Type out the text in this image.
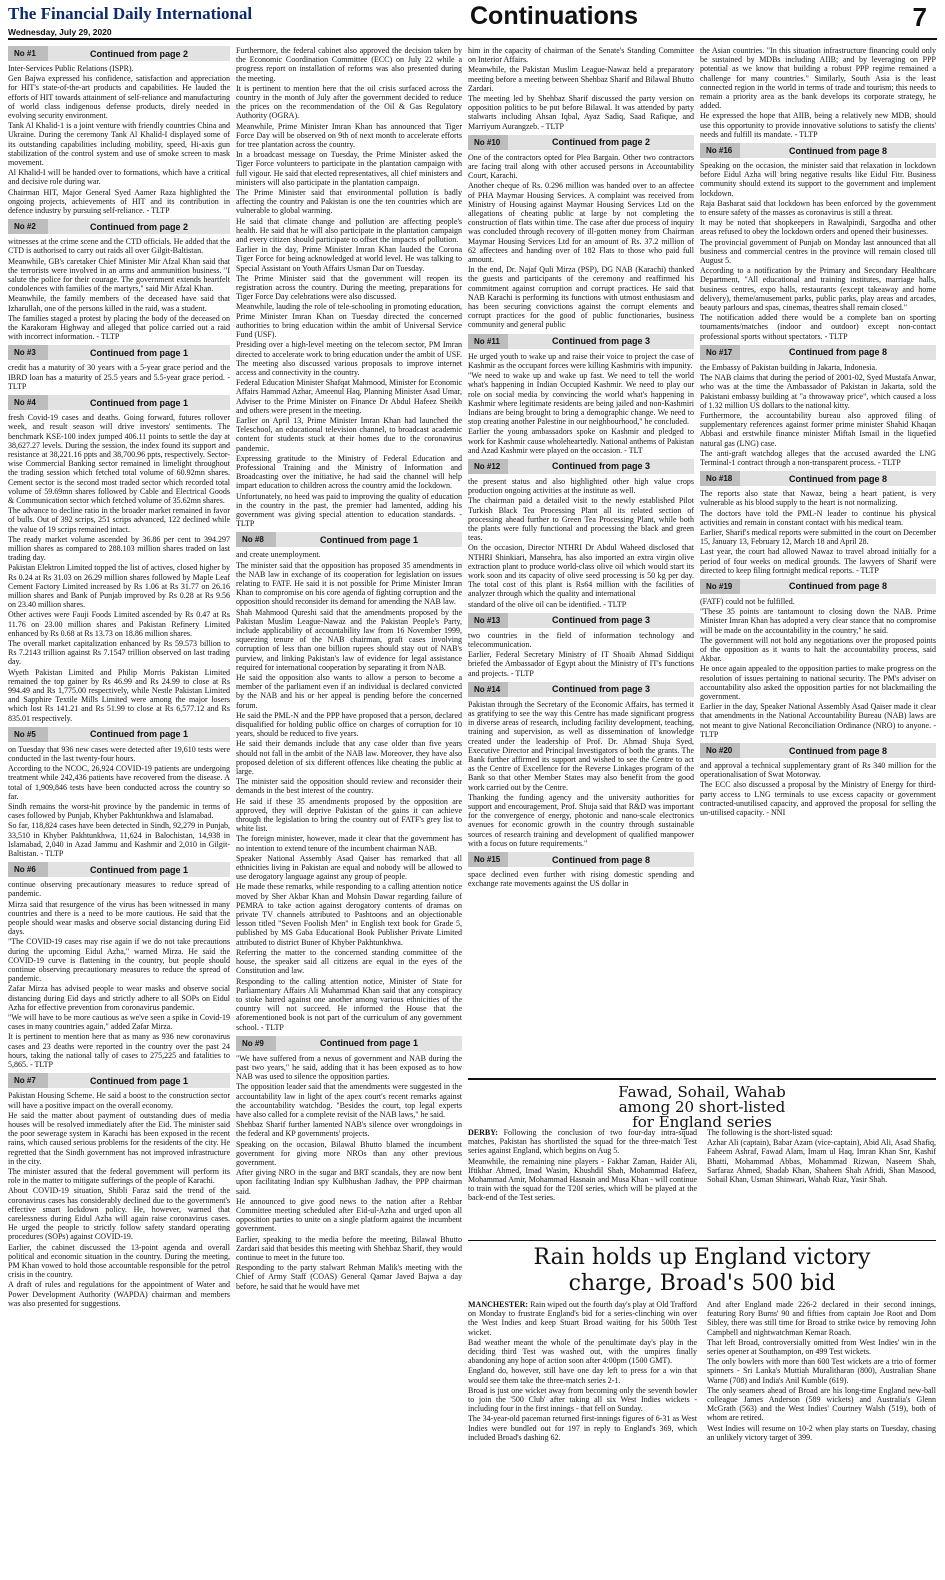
The Financial Daily International
Wednesday, July 29, 2020
Continuations	7
No #1	Continued from page 2

Inter-Services Public Relations (ISPR).

Gen Bajwa expressed his confidence, satisfaction and appreciation for HIT's state-of-the-art products and capabilities. He lauded the efforts of HIT towards attainment of self-reliance and manufacturing of world class indigenous defense products, direly needed in evolving security environment.

Tank Al Khalid-1 is a joint venture with friendly countries China and Ukraine. During the ceremony Tank Al Khalid-I displayed some of its outstanding capabilities including mobility, speed, Hi-axis gun stabilization of the control system and use of smoke screen to mask movement.

Al Khalid-I will be handed over to formations, which have a critical and decisive role during war.

Chairman HIT, Major General Syed Aamer Raza highlighted the ongoing projects, achievements of HIT and its contribution in defence industry by pursuing self-reliance. - TLTP

No #2	Continued from page 2

witnesses at the crime scene and the CTD officials. He added that the CTD is authorised to carry out raids all over Gilgit-Baltistan.

Meanwhile, GB's caretaker Chief Minister Mir Afzal Khan said that the terrorists were involved in an arms and ammunition business. "I salute the police for their courage. The government extends heartfelt condolences with families of the martyrs," said Mir Afzal Khan.

Meanwhile, the family members of the deceased have said that Izharullah, one of the persons killed in the raid, was a student.

The families staged a protest by placing the body of the deceased on the Karakoram Highway and alleged that police carried out a raid with incorrect information. - TLTP

No #3	Continued from page 1

credit has a maturity of 30 years with a 5-year grace period and the IBRD loan has a maturity of 25.5 years and 5.5-year grace period. - TLTP

No #4	Continued from page 1

fresh Covid-19 cases and deaths. Going forward, futures rollover week, and result season will drive investors' sentiments. The benchmark KSE-100 index jumped 406.11 points to settle the day at 38,627.27 levels. During the session, the index found its support and resistance at 38,221.16 ppts and 38,700.96 ppts, respectively. Sector-wise Commercial Banking sector remained in limelight throughout the trading session which fetched total volume of 60.92mn shares. Cement sector is the second most traded sector which recorded total volume of 59.69mn shares followed by Cable and Electrical Goods & Communication sector which fetched volume of 35.62mn shares.

The advance to decline ratio in the broader market remained in favor of bulls. Out of 392 scrips, 251 scrips advanced, 122 declined while the value of 19 scrips remained intact.

The ready market volume ascended by 36.86 per cent to 394.297 million shares as compared to 288.103 million shares traded on last trading day.

Pakistan Elektron Limited topped the list of actives, closed higher by Rs 0.24 at Rs 31.03 on 26.29 million shares followed by Maple Leaf Cement Factory Limited increased by Rs 1.06 at Rs 31.77 on 26.16 million shares and Bank of Punjab improved by Rs 0.28 at Rs 9.56 on 23.40 million shares.

Other actives were Fauji Foods Limited ascended by Rs 0.47 at Rs 11.76 on 23.00 million shares and Pakistan Refinery Limited enhanced by Rs 0.68 at Rs 13.73 on 18.86 million shares.

The overall market capitalization enhanced by Rs 59.573 billion to Rs 7.2143 trillion against Rs 7.1547 trillion observed on last trading day.

Wyeth Pakistan Limited and Philip Morris Pakistan Limited remained the top gainer by Rs 46.99 and Rs 24.99 to close at Rs 994.49 and Rs 1,775.00 respectively, while Nestle Pakistan Limited and Sapphire Textile Mills Limited were among the major losers which lost Rs 141.21 and Rs 51.99 to close at Rs 6,577.12 and Rs 835.01 respectively.

No #5	Continued from page 1

on Tuesday that 936 new cases were detected after 19,610 tests were conducted in the last twenty-four hours.

According to the NCOC, 26,924 COVID-19 patients are undergoing treatment while 242,436 patients have recovered from the disease. A total of 1,909,846 tests have been conducted across the country so far.

Sindh remains the worst-hit province by the pandemic in terms of cases followed by Punjab, Khyber Pakhtunkhwa and Islamabad.

So far, 118,824 cases have been detected in Sindh, 92,279 in Punjab, 33,510 in Khyber Pakhtunkhwa, 11,624 in Balochistan, 14,938 in Islamabad, 2,040 in Azad Jammu and Kashmir and 2,010 in Gilgit-Baltistan. - TLTP

No #6	Continued from page 1

continue observing precautionary measures to reduce spread of pandemic.

Mirza said that resurgence of the virus has been witnessed in many countries and there is a need to be more cautious. He said that the people should wear masks and observe social distancing during Eid days.

"The COVID-19 cases may rise again if we do not take precautions during the upcoming Eidul Azha," warned Mirza. He said the COVID-19 curve is flattening in the country, but people should continue observing precautionary measures to reduce the spread of pandemic.

Zafar Mirza has advised people to wear masks and observe social distancing during Eid days and strictly adhere to all SOPs on Eidul Azha for effective prevention from coronavirus pandemic.

"We will have to be more cautious as we've seen a spike in Covid-19 cases in many countries again," added Zafar Mirza.

It is pertinent to mention here that as many as 936 new coronavirus cases and 23 deaths were reported in the country over the past 24 hours, taking the national tally of cases to 275,225 and fatalities to 5,865. - TLTP

No #7	Continued from page 1

Pakistan Housing Scheme. He said a boost to the construction sector will have a positive impact on the overall economy.

He said the matter about payment of outstanding dues of media houses will be resolved immediately after the Eid. The minister said the poor sewerage system in Karachi has been exposed in the recent rains, which caused serious problems for the residents of the city. He regretted that the Sindh government has not improved infrastructure in the city.

The minister assured that the federal government will perform its role in the matter to mitigate sufferings of the people of Karachi.

About COVID-19 situation, Shibli Faraz said the trend of the coronavirus cases has considerably declined due to the government's effective smart lockdown policy. He, however, warned that carelessness during Eidul Azha will again raise coronavirus cases. He urged the people to strictly follow safety standard operating procedures (SOPs) against COVID-19.

Earlier, the cabinet discussed the 13-point agenda and overall political and economic situation in the country. During the meeting, PM Khan vowed to hold those accountable responsible for the petrol crisis in the country.

A draft of rules and regulations for the appointment of Water and Power Development Authority (WAPDA) chairman and members was also presented for suggestions.

Furthermore, the federal cabinet also approved the decision taken by the Economic Coordination Committee (ECC) on July 22 while a progress report on installation of reforms was also presented during the meeting.

It is pertinent to mention here that the oil crisis surfaced across the country in the month of July after the government decided to reduce the prices on the recommendation of the Oil & Gas Regulatory Authority (OGRA).

Meanwhile, Prime Minister Imran Khan has announced that Tiger Force Day will be observed on 9th of next month to accelerate efforts for tree plantation across the country.

In a broadcast message on Tuesday, the Prime Minister asked the Tiger Force volunteers to participate in the plantation campaign with full vigour. He said that elected representatives, all chief ministers and ministers will also participate in the plantation campaign.

The Prime Minister said that environmental pollution is badly affecting the country and Pakistan is one the ten countries which are vulnerable to global warming.

He said that climate change and pollution are affecting people's health. He said that he will also participate in the plantation campaign and every citizen should participate to offset the impacts of pollution.

Earlier in the day, Prime Minister Imran Khan lauded the Corona Tiger Force for being acknowledged at world level. He was talking to Special Assistant on Youth Affairs Usman Dar on Tuesday.

The Prime Minister said that the government will reopen its registration across the country. During the meeting, preparations for Tiger Force Day celebrations were also discussed.

Meanwhile, lauding the role of tele-schooling in promoting education, Prime Minister Imran Khan on Tuesday directed the concerned authorities to bring education within the ambit of Universal Service Fund (USF).

Presiding over a high-level meeting on the telecom sector, PM Imran directed to accelerate work to bring education under the ambit of USF. The meeting also discussed various proposals to improve internet access and connectivity in the country.

Federal Education Minister Shafqat Mahmood, Minister for Economic Affairs Hammad Azhar, Ameenul Haq, Planning Minister Asad Umar, Adviser to the Prime Minister on Finance Dr Abdul Hafeez Sheikh and others were present in the meeting.

Earlier on April 13, Prime Minister Imran Khan had launched the Teleschool, an educational television channel, to broadcast academic content for students stuck at their homes due to the coronavirus pandemic.

Expressing gratitude to the Ministry of Federal Education and Professional Training and the Ministry of Information and Broadcasting over the initiative, he had said the channel will help impart education to children across the country amid the lockdown.

Unfortunately, no heed was paid to improving the quality of education in the country in the past, the premier had lamented, adding his government was giving special attention to education standards. - TLTP

No #8	Continued from page 1

and create unemployment.

The minister said that the opposition has proposed 35 amendments in the NAB law in exchange of its cooperation for legislation on issues relating to FATF. He said it is not possible for Prime Minister Imran Khan to compromise on his core agenda of fighting corruption and the opposition should reconsider its demand for amending the NAB law.

Shah Mahmood Qureshi said that the amendments proposed by the Pakistan Muslim League-Nawaz and the Pakistan People's Party, include applicability of accountability law from 16 November 1999, squeezing tenure of the NAB chairman, graft cases involving corruption of less than one billion rupees should stay out of NAB's purview, and linking Pakistan's law of evidence for legal assistance required for international cooperation by separating it from NAB.

He said the opposition also wants to allow a person to become a member of the parliament even if an individual is declared convicted by the NAB and his or her appeal is pending before the concerned forum.

He said the PML-N and the PPP have proposed that a person, declared disqualified for holding public office on charges of corruption for 10 years, should be reduced to five years.

He said their demands include that any case older than five years should not fall in the ambit of the NAB law. Moreover, they have also proposed deletion of six different offences like cheating the public at large.

The minister said the opposition should review and reconsider their demands in the best interest of the country.

He said if these 35 amendments proposed by the opposition are approved, they will deprive Pakistan of the gains it can achieve through the legislation to bring the country out of FATF's grey list to white list.

The foreign minister, however, made it clear that the government has no intention to extend tenure of the incumbent chairman NAB.

Speaker National Assembly Asad Qaiser has remarked that all ethnicities living in Pakistan are equal and nobody will be allowed to use derogatory language against any group of people.

He made these remarks, while responding to a calling attention notice moved by Sher Akbar Khan and Mohsin Dawar regarding failure of PEMRA to take action against derogatory contents of dramas on private TV channels attributed to Pashtoons and an objectionable lesson titled "Seven Foolish Men" in English text book for Grade 5, published by MS Gaba Educational Book Publisher Private Limited attributed to district Buner of Khyber Pakhtunkhwa.

Referring the matter to the concerned standing committee of the house, the speaker said all citizens are equal in the eyes of the Constitution and law.

Responding to the calling attention notice, Minister of State for Parliamentary Affairs Ali Muhammad Khan said that any conspiracy to stoke hatred against one another among various ethnicities of the country will not succeed. He informed the House that the aforementioned book is not part of the curriculum of any government school. - TLTP

No #9	Continued from page 1

"We have suffered from a nexus of government and NAB during the past two years," he said, adding that it has been exposed as to how NAB was used to silence the opposition parties.

The opposition leader said that the amendments were suggested in the accountability law in light of the apex court's recent remarks against the accountability watchdog. "Besides the court, top legal experts have also called for a complete revisit of the NAB laws," he said.

Shehbaz Sharif further lamented NAB's silence over wrongdoings in the federal and KP governments' projects.

Speaking on the occasion, Bilawal Bhutto blamed the incumbent government for giving more NROs than any other previous government.

After giving NRO in the sugar and BRT scandals, they are now bent upon facilitating Indian spy Kulbhushan Jadhav, the PPP chairman said.

He announced to give good news to the nation after a Rehbar Committee meeting scheduled after Eid-ul-Azha and urged upon all opposition parties to unite on a single platform against the incumbent government.

Earlier, speaking to the media before the meeting, Bilawal Bhutto Zardari said that besides this meeting with Shehbaz Sharif, they would continue to meet in the future too.

Responding to the party stalwart Rehman Malik's meeting with the Chief of Army Staff (COAS) General Qamar Javed Bajwa a day before, he said that he would have met

him in the capacity of chairman of the Senate's Standing Committee on Interior Affairs.

Meanwhile, the Pakistan Muslim League-Nawaz held a preparatory meeting before a meeting between Shehbaz Sharif and Bilawal Bhutto Zardari.

The meeting led by Shehbaz Sharif discussed the party version on opposition politics to be put before Bilawal. It was attended by party stalwarts including Ahsan Iqbal, Ayaz Sadiq, Saad Rafique, and Marriyum Aurangzeb. - TLTP

No #10	Continued from page 2

One of the contractors opted for Plea Bargain. Other two contractors are facing trail along with other accused persons in Accountability Court, Karachi.

Another cheque of Rs. 0.296 million was handed over to an affectee of PHA Maymar Housing Services. A complaint was received from Ministry of Housing against Maymar Housing Services Ltd on the allegations of cheating public at large by not completing the construction of flats within time. The case after due process of inquiry was concluded through recovery of ill-gotten money from Chairman Maymar Housing Services Ltd for an amount of Rs. 37.2 million of 62 affectees and handing over of 182 Flats to those who paid full amount.

In the end, Dr. Najaf Quli Mirza (PSP), DG NAB (Karachi) thanked the guests and participants of the ceremony and reaffirmed his commitment against corruption and corrupt practices. He said that NAB Karachi is performing its functions with utmost enthusiasm and has been securing convictions against the corrupt elements and corrupt practices for the good of public functionaries, business community and general public

No #11	Continued from page 3

He urged youth to wake up and raise their voice to project the case of Kashmir as the occupant forces were killing Kashmiris with impunity.

"We need to wake up and wake up fast. We need to tell the world what's happening in Indian Occupied Kashmir. We need to play our role on social media by convincing the world what's happening in Kashmir where legitimate residents are being jailed and non-Kashmiri Indians are being brought to bring a demographic change. We need to stop creating another Palestine in our neighbourhood," he concluded.

Earlier the young ambassadors spoke on Kashmir and pledged to work for Kashmir cause wholeheartedly. National anthems of Pakistan and Azad Kashmir were played on the occasion. - TLT

No #12	Continued from page 3

the present status and also highlighted other high value crops production ongoing activities at the institute as well.

The chairman paid a detailed visit to the newly established Pilot Turkish Black Tea Processing Plant all its related section of processing ahead further to Green Tea Processing Plant, while both the plants were fully functional and processing the black and green teas.

On the occasion, Director NTHRI Dr Abdul Waheed disclosed that NTHRI Shinkiari, Mansehra, has also imported an extra virgin olive extraction plant to produce world-class olive oil which would start its work soon and its capacity of olive seed processing is 50 kg per day. The total cost of this plant is Rs64 million with the facilities of analyzer through which the quality and international

standard of the olive oil can be identified. - TLTP

No #13	Continued from page 3

two countries in the field of information technology and telecommunication.

Earlier, Federal Secretary Ministry of IT Shoaib Ahmad Siddiqui briefed the Ambassador of Egypt about the Ministry of IT's functions and projects. - TLTP

No #14	Continued from page 3

Pakistan through the Secretary of the Economic Affairs, has termed it as gratifying to see the way this Centre has made significant progress in diverse areas of research, including facility development, teaching, training and supervision, as well as dissemination of knowledge created under the leadership of Prof. Dr. Ahmad Shuja Syed, Executive Director and Principal Investigators of both the grants. The Bank further affirmed its support and wished to see the Centre to act as the Centre of Excellence for the Reverse Linkages program of the Bank so that other Member States may also benefit from the good work carried out by the Centre.

Thanking the funding agency and the university authorities for support and encouragement, Prof. Shuja said that R&D was important for the convergence of energy, photonic and nano-scale electronics avenues for economic growth in the country through sustainable sources of research training and development of qualified manpower with a focus on future requirements."

No #15	Continued from page 8

space declined even further with rising domestic spending and exchange rate movements against the US dollar in

the Asian countries. "In this situation infrastructure financing could only be sustained by MDBs including AIIB; and by leveraging on PPP potential as we know that building a robust PPP regime remained a challenge for many countries." Similarly, South Asia is the least connected region in the world in terms of trade and tourism; this needs to remain a priority area as the bank develops its corporate strategy, he added.

He expressed the hope that AIIB, being a relatively new MDB, should use this opportunity to provide innovative solutions to satisfy the clients' needs and fulfill its mandate. - TLTP

No #16	Continued from page 8

Speaking on the occasion, the minister said that relaxation in lockdown before Eidul Azha will bring negative results like Eidul Fitr. Business community should extend its support to the government and implement lockdown.

Raja Basharat said that lockdown has been enforced by the government to ensure safety of the masses as coronavirus is still a threat.

It may be noted that shopkeepers in Rawalpindi, Sargodha and other areas refused to obey the lockdown orders and opened their businesses.

The provincial government of Punjab on Monday last announced that all business and commercial centres in the province will remain closed till August 5.

According to a notification by the Primary and Secondary Healthcare Department, "All educational and training institutes, marriage halls, business centres, expo halls, restaurants (except takeaway and home delivery), theme/amusement parks, public parks, play areas and arcades, beauty parlours and spas, cinemas, theatres shall remain closed."

The notification added there would be a complete ban on sporting tournaments/matches (indoor and outdoor) except non-contact professional sports without spectators. - TLTP

No #17	Continued from page 8

the Embassy of Pakistan building in Jakarta, Indonesia.

The NAB claims that during the period of 2001-02, Syed Mustafa Anwar, who was at the time the Ambassador of Pakistan in Jakarta, sold the Pakistani embassy building at "a throwaway price", which caused a loss of 1.32 million US dollars to the national kitty.

Furthermore, the accountability bureau also approved filing of supplementary references against former prime minister Shahid Khaqan Abbasi and erstwhile finance minister Miftah Ismail in the liquefied natural gas (LNG) case.

The anti-graft watchdog alleges that the accused awarded the LNG Terminal-1 contract through a non-transparent process. - TLTP

No #18	Continued from page 8

The reports also state that Nawaz, being a heart patient, is very vulnerable as his blood supply to the heart is not normalizing.

The doctors have told the PML-N leader to continue his physical activities and remain in constant contact with his medical team.

Earlier, Sharif's medical reports were submitted in the court on December 15, January 13, February 12, March 18 and April 28.

Last year, the court had allowed Nawaz to travel abroad initially for a period of four weeks on medical grounds. The lawyers of Sharif were directed to keep filing fortnight medical reports. - TLTP

No #19	Continued from page 8

(FATF) could not be fulfilled.

"These 35 points are tantamount to closing down the NAB. Prime Minister Imran Khan has adopted a very clear stance that no compromise will be made on the accountability in the country," he said.

The government will not hold any negotiations over the proposed points of the opposition as it wants to halt the accountability process, said Akbar.

He once again appealed to the opposition parties to make progress on the resolution of issues pertaining to national security. The PM's adviser on accountability also asked the opposition parties for not blackmailing the government.

Earlier in the day, Speaker National Assembly Asad Qaiser made it clear that amendments in the National Accountability Bureau (NAB) laws are not meant to give National Reconciliation Ordinance (NRO) to anyone. - TLTP

No #20	Continued from page 8

and approval a technical supplementary grant of Rs 340 million for the operationalisation of Swat Motorway.

The ECC also discussed a proposal by the Ministry of Energy for third-party access to LNG terminals to use excess capacity or government contracted-unutilised capacity, and approved the proposal for selling the un-utilised capacity. - NNI

Fawad, Sohail, Wahab
among 20 short-listed
for England series

DERBY: Following the conclusion of two four-day intra-squad matches, Pakistan has shortlisted the squad for the three-match Test series against England, which begins on Aug 5.

Meanwhile, the remaining nine players - Fakhar Zaman, Haider Ali, Iftikhar Ahmed, Imad Wasim, Khushdil Shah, Mohammad Hafeez, Mohammad Amir, Mohammad Hasnain and Musa Khan - will continue to train with the squad for the T20I series, which will be played at the back-end of the Test series.

The following is the short-listed squad:

Azhar Ali (captain), Babar Azam (vice-captain), Abid Ali, Asad Shafiq, Faheem Ashraf, Fawad Alam, Imam ul Haq, Imran Khan Snr, Kashif Bhatti, Mohammad Abbas, Mohammad Rizwan, Naseem Shah, Sarfaraz Ahmed, Shadab Khan, Shaheen Shah Afridi, Shan Masood, Sohail Khan, Usman Shinwari, Wahab Riaz, Yasir Shah.

Rain holds up England victory
charge, Broad's 500 bid

MANCHESTER: Rain wiped out the fourth day's play at Old Trafford on Monday to frustrate England's bid for a series-clinching win over the West Indies and keep Stuart Broad waiting for his 500th Test wicket.

Bad weather meant the whole of the penultimate day's play in the deciding third Test was washed out, with the umpires finally abandoning any hope of action soon after 4:00pm (1500 GMT).

England do, however, still have one day left to press for a win that would see them take the three-match series 2-1.

Broad is just one wicket away from becoming only the seventh bowler to join the '500 Club' after taking all six West Indies wickets - including four in the first innings - that fell on Sunday.

The 34-year-old paceman returned first-innings figures of 6-31 as West Indies were bundled out for 197 in reply to England's 369, which included Broad's dashing 62.

And after England made 226-2 declared in their second innings, featuring Rory Burns' 90 and fifties from captain Joe Root and Dom Sibley, there was still time for Broad to strike twice by removing John Campbell and nightwatchman Kemar Roach.

That left Broad, controversially omitted from West Indies' win in the series opener at Southampton, on 499 Test wickets.

The only bowlers with more than 600 Test wickets are a trio of former spinners - Sri Lanka's Muttiah Muralitharan (800), Australian Shane Warne (708) and India's Anil Kumble (619).

The only seamers ahead of Broad are his long-time England new-ball colleague James Anderson (589 wickets) and Australia's Glenn McGrath (563) and the West Indies' Courtney Walsh (519), both of whom are retired.

West Indies will resume on 10-2 when play starts on Tuesday, chasing an unlikely victory target of 399.
